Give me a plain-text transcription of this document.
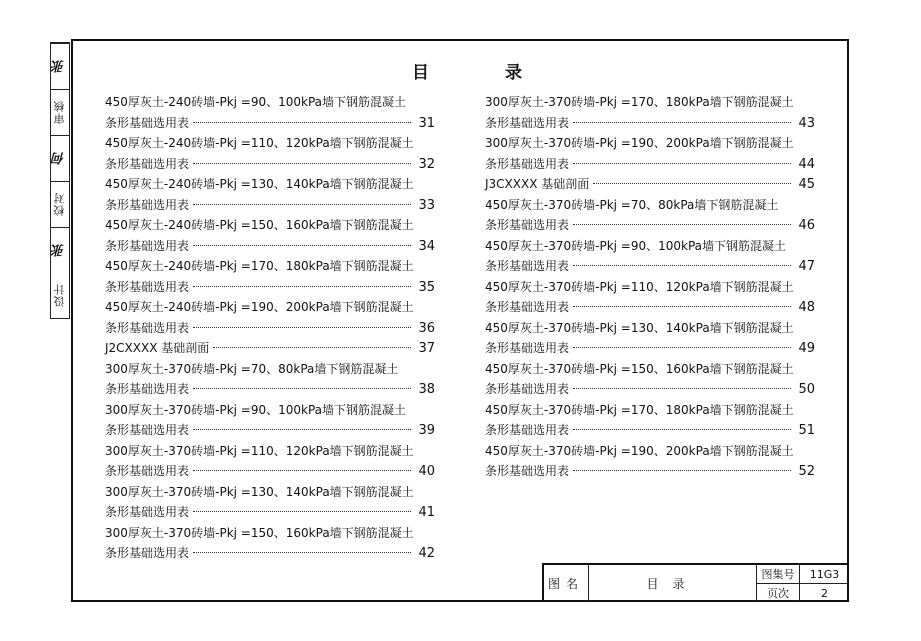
张
审核
何
校对
张
设计
目	录
450厚灰土-240砖墙-Pkj =90、100kPa墙下钢筋混凝土
条形基础选用表	31
450厚灰土-240砖墙-Pkj =110、120kPa墙下钢筋混凝土
条形基础选用表	32
450厚灰土-240砖墙-Pkj =130、140kPa墙下钢筋混凝土
条形基础选用表	33
450厚灰土-240砖墙-Pkj =150、160kPa墙下钢筋混凝土
条形基础选用表	34
450厚灰土-240砖墙-Pkj =170、180kPa墙下钢筋混凝土
条形基础选用表	35
450厚灰土-240砖墙-Pkj =190、200kPa墙下钢筋混凝土
条形基础选用表	36
J2CXXXX 基础剖面	37
300厚灰土-370砖墙-Pkj =70、80kPa墙下钢筋混凝土
条形基础选用表	38
300厚灰土-370砖墙-Pkj =90、100kPa墙下钢筋混凝土
条形基础选用表	39
300厚灰土-370砖墙-Pkj =110、120kPa墙下钢筋混凝土
条形基础选用表	40
300厚灰土-370砖墙-Pkj =130、140kPa墙下钢筋混凝土
条形基础选用表	41
300厚灰土-370砖墙-Pkj =150、160kPa墙下钢筋混凝土
条形基础选用表	42
300厚灰土-370砖墙-Pkj =170、180kPa墙下钢筋混凝土
条形基础选用表	43
300厚灰土-370砖墙-Pkj =190、200kPa墙下钢筋混凝土
条形基础选用表	44
J3CXXXX 基础剖面	45
450厚灰土-370砖墙-Pkj =70、80kPa墙下钢筋混凝土
条形基础选用表	46
450厚灰土-370砖墙-Pkj =90、100kPa墙下钢筋混凝土
条形基础选用表	47
450厚灰土-370砖墙-Pkj =110、120kPa墙下钢筋混凝土
条形基础选用表	48
450厚灰土-370砖墙-Pkj =130、140kPa墙下钢筋混凝土
条形基础选用表	49
450厚灰土-370砖墙-Pkj =150、160kPa墙下钢筋混凝土
条形基础选用表	50
450厚灰土-370砖墙-Pkj =170、180kPa墙下钢筋混凝土
条形基础选用表	51
450厚灰土-370砖墙-Pkj =190、200kPa墙下钢筋混凝土
条形基础选用表	52
图名	目录
图集号	11G3
页次	2
